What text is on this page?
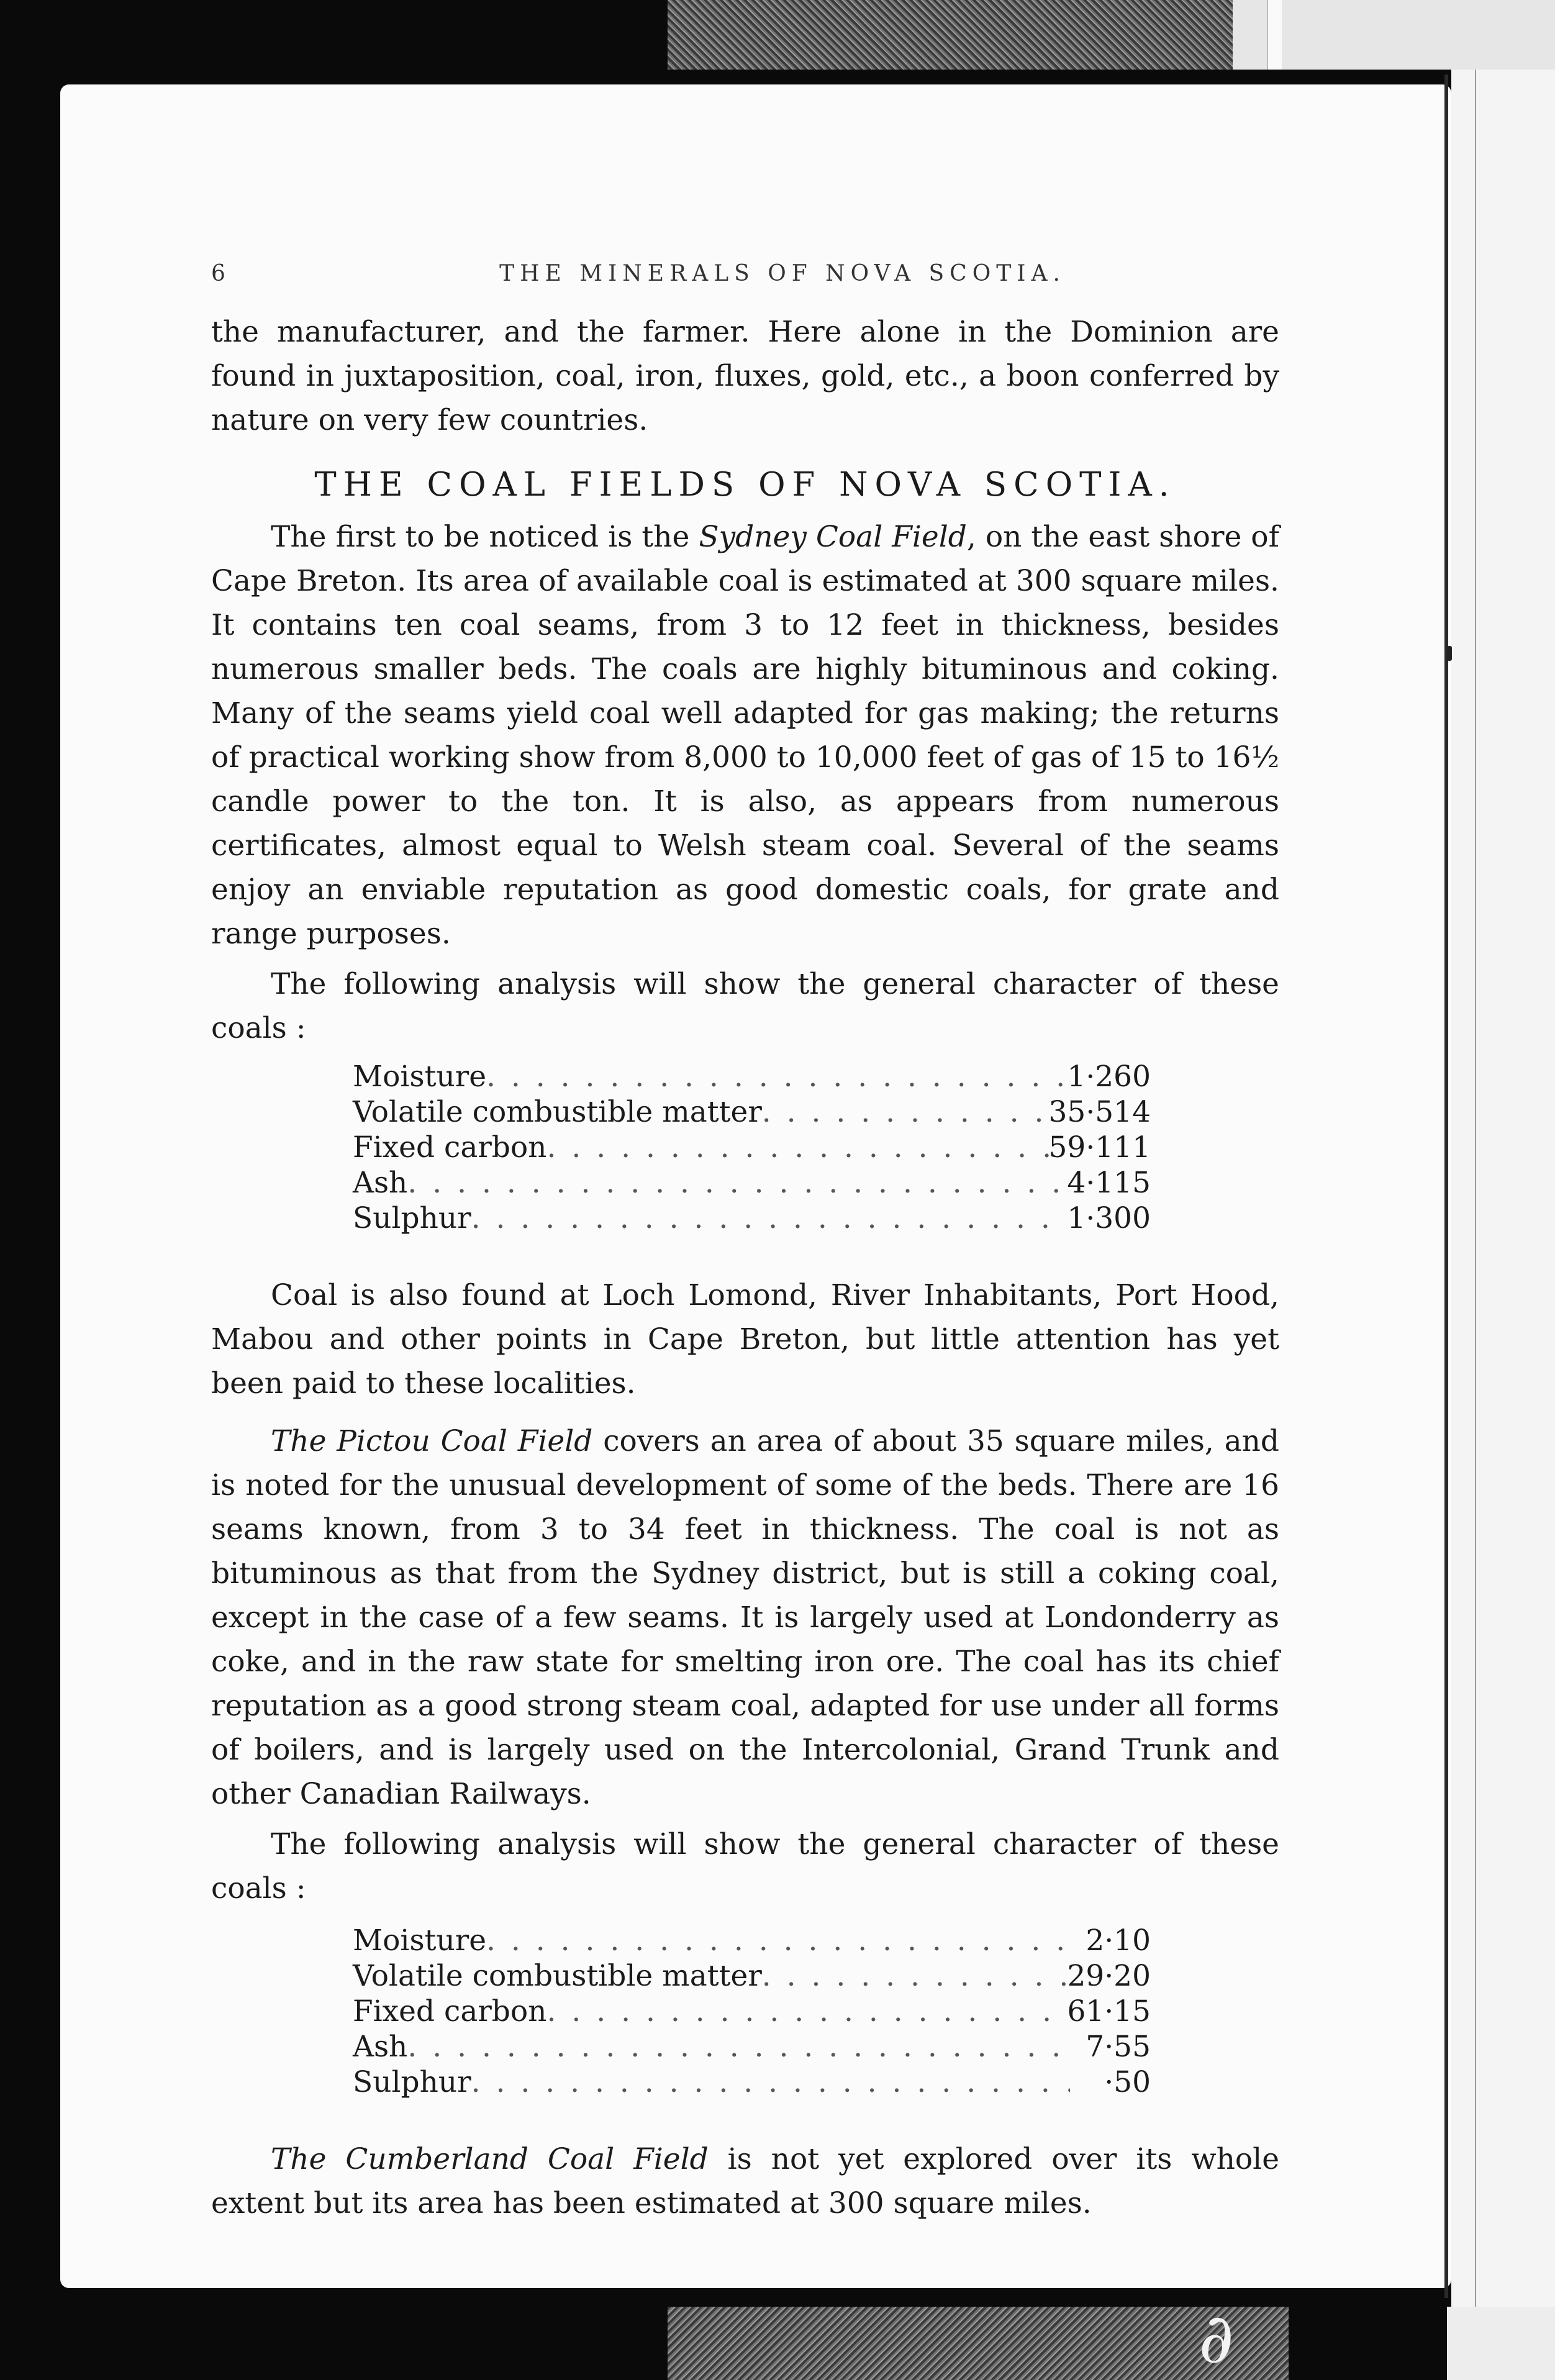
∂
6	THE MINERALS OF NOVA SCOTIA.

the manufacturer, and the farmer. Here alone in the Dominion are found in juxtaposition, coal, iron, fluxes, gold, etc., a boon conferred by nature on very few countries.

THE COAL FIELDS OF NOVA SCOTIA.

The first to be noticed is the Sydney Coal Field, on the east shore of Cape Breton. Its area of available coal is estimated at 300 square miles. It contains ten coal seams, from 3 to 12 feet in thickness, besides numerous smaller beds. The coals are highly bituminous and coking. Many of the seams yield coal well adapted for gas making; the returns of practical working show from 8,000 to 10,000 feet of gas of 15 to 16½ candle power to the ton. It is also, as appears from numerous certificates, almost equal to Welsh steam coal. Several of the seams enjoy an enviable reputation as good domestic coals, for grate and range purposes.

The following analysis will show the general character of these coals :

Moisture . . .	1·260
Volatile combustible matter . . .	35·514
Fixed carbon . . .	59·111
Ash . . .	4·115
Sulphur . . .	1·300

Coal is also found at Loch Lomond, River Inhabitants, Port Hood, Mabou and other points in Cape Breton, but little attention has yet been paid to these localities.

The Pictou Coal Field covers an area of about 35 square miles, and is noted for the unusual development of some of the beds. There are 16 seams known, from 3 to 34 feet in thickness. The coal is not as bituminous as that from the Sydney district, but is still a coking coal, except in the case of a few seams. It is largely used at Londonderry as coke, and in the raw state for smelting iron ore. The coal has its chief reputation as a good strong steam coal, adapted for use under all forms of boilers, and is largely used on the Intercolonial, Grand Trunk and other Canadian Railways.

The following analysis will show the general character of these coals :

Moisture . . .	2·10
Volatile combustible matter . . .	29·20
Fixed carbon . . .	61·15
Ash . . .	7·55
Sulphur . . .	·50

The Cumberland Coal Field is not yet explored over its whole extent but its area has been estimated at 300 square miles.
